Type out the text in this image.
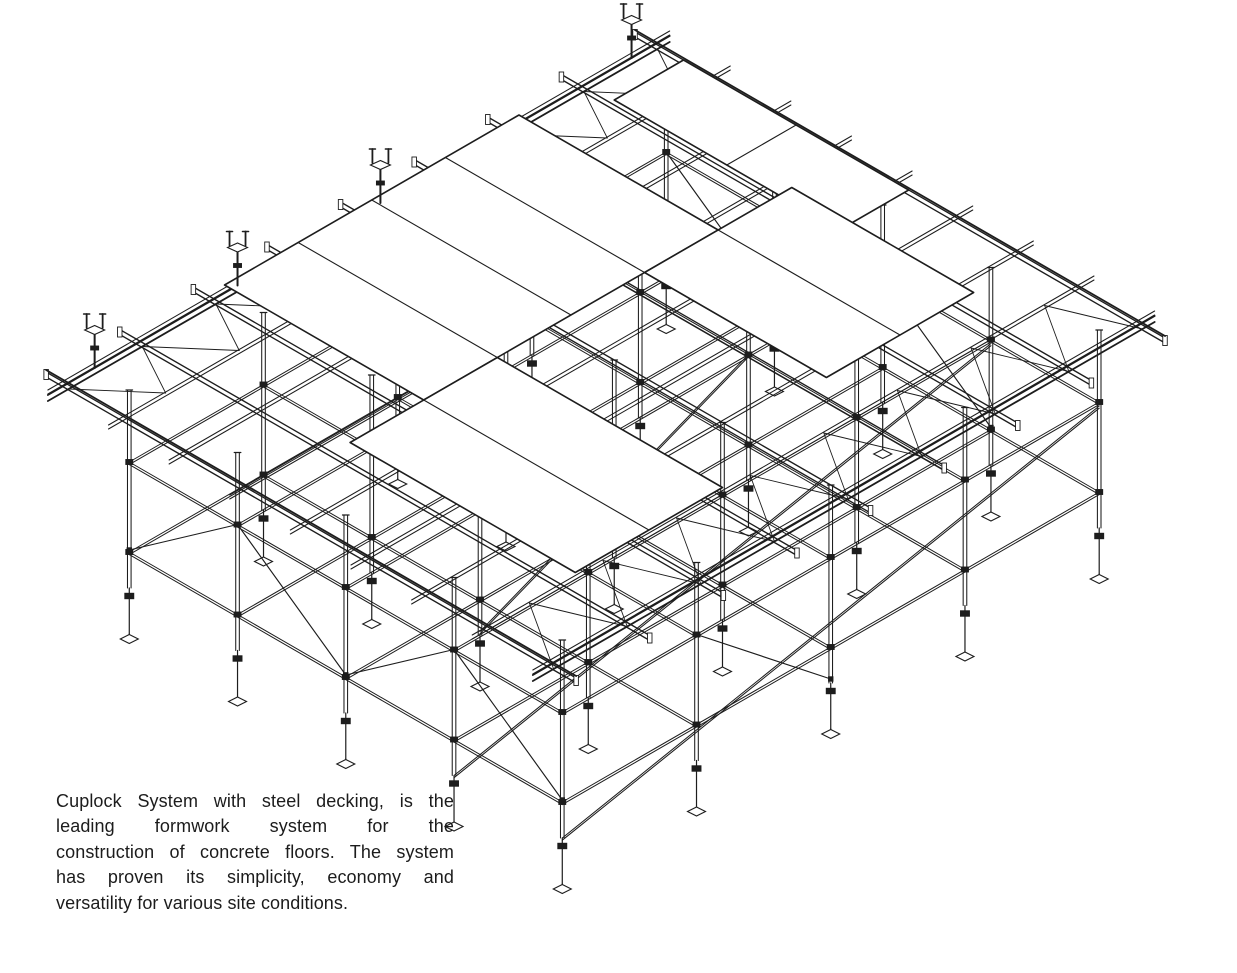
Cuplock System with steel decking, is the
leading formwork system for the
construction of concrete floors. The system
has proven its simplicity, economy and
versatility for various site conditions.
